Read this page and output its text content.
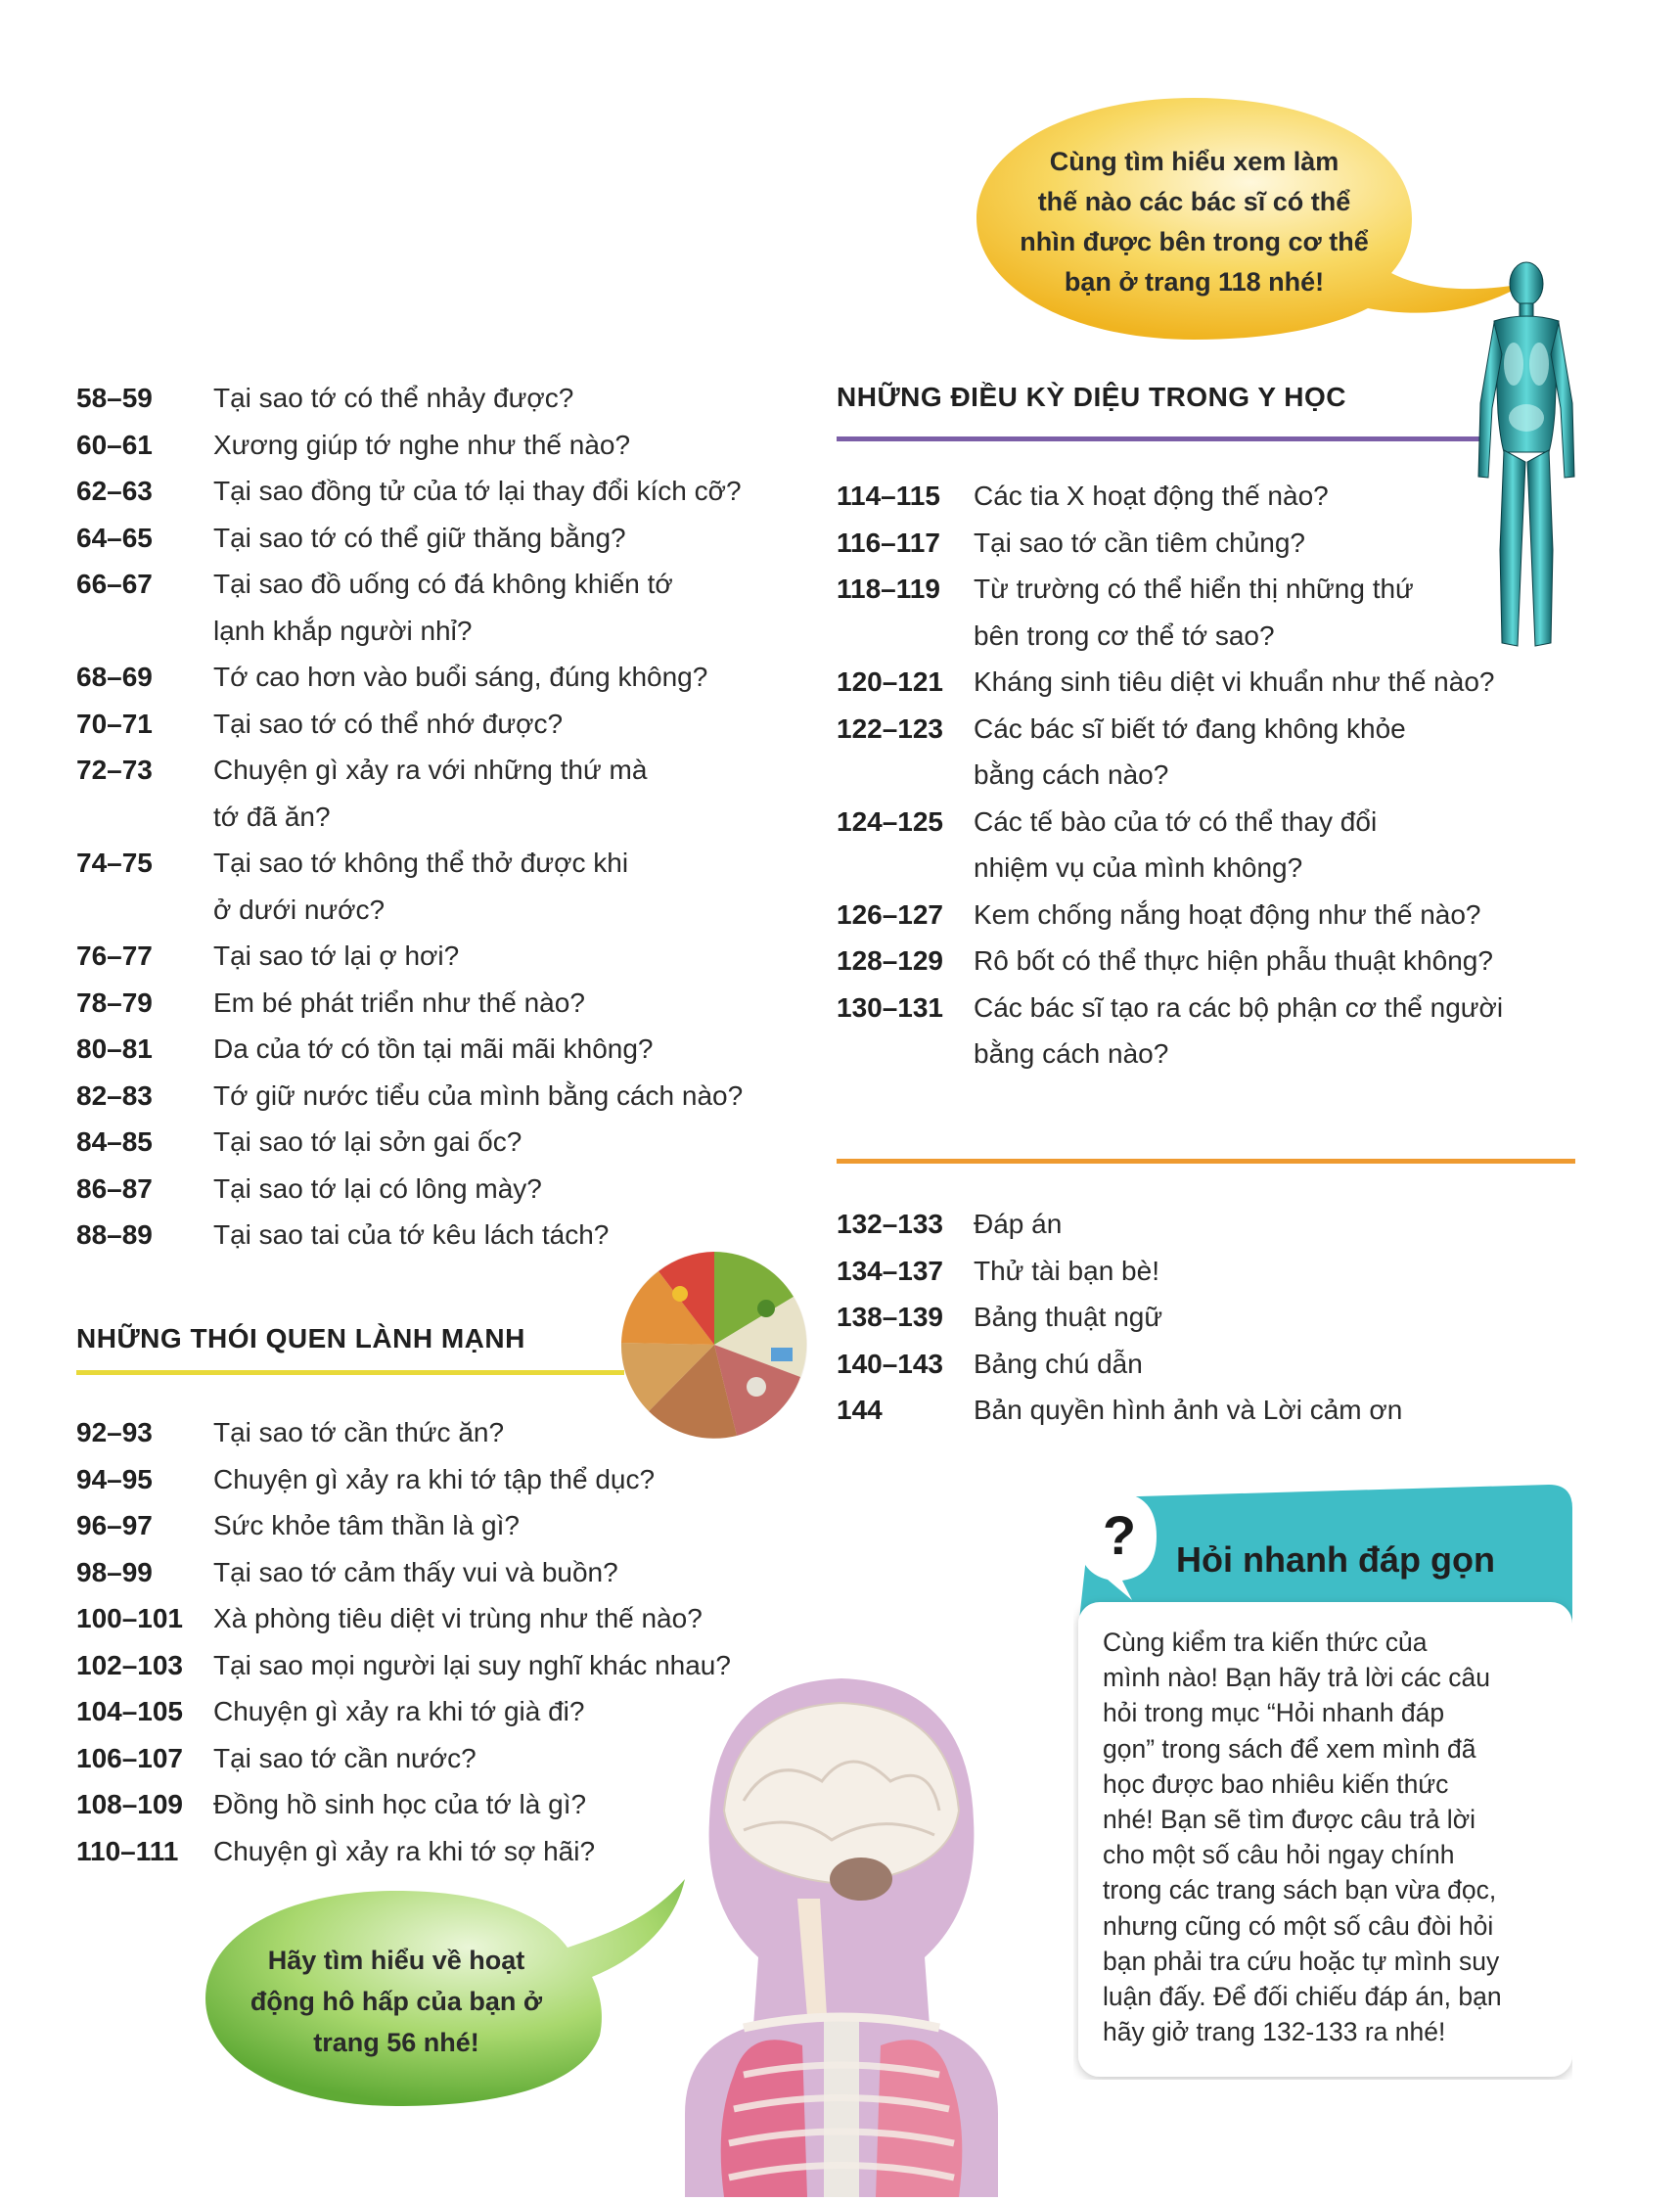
58–59	Tại sao tớ có thể nhảy được?
60–61	Xương giúp tớ nghe như thế nào?
62–63	Tại sao đồng tử của tớ lại thay đổi kích cỡ?
64–65	Tại sao tớ có thể giữ thăng bằng?
66–67	Tại sao đồ uống có đá không khiến tớ
lạnh khắp người nhỉ?
68–69	Tớ cao hơn vào buổi sáng, đúng không?
70–71	Tại sao tớ có thể nhớ được?
72–73	Chuyện gì xảy ra với những thứ mà
tớ đã ăn?
74–75	Tại sao tớ không thể thở được khi
ở dưới nước?
76–77	Tại sao tớ lại ợ hơi?
78–79	Em bé phát triển như thế nào?
80–81	Da của tớ có tồn tại mãi mãi không?
82–83	Tớ giữ nước tiểu của mình bằng cách nào?
84–85	Tại sao tớ lại sởn gai ốc?
86–87	Tại sao tớ lại có lông mày?
88–89	Tại sao tai của tớ kêu lách tách?
NHỮNG THÓI QUEN LÀNH MẠNH
92–93	Tại sao tớ cần thức ăn?
94–95	Chuyện gì xảy ra khi tớ tập thể dục?
96–97	Sức khỏe tâm thần là gì?
98–99	Tại sao tớ cảm thấy vui và buồn?
100–101	Xà phòng tiêu diệt vi trùng như thế nào?
102–103	Tại sao mọi người lại suy nghĩ khác nhau?
104–105	Chuyện gì xảy ra khi tớ già đi?
106–107	Tại sao tớ cần nước?
108–109	Đồng hồ sinh học của tớ là gì?
110–111	Chuyện gì xảy ra khi tớ sợ hãi?
NHỮNG ĐIỀU KỲ DIỆU TRONG Y HỌC
114–115	Các tia X hoạt động thế nào?
116–117	Tại sao tớ cần tiêm chủng?
118–119	Từ trường có thể hiển thị những thứ
bên trong cơ thể tớ sao?
120–121	Kháng sinh tiêu diệt vi khuẩn như thế nào?
122–123	Các bác sĩ biết tớ đang không khỏe
bằng cách nào?
124–125	Các tế bào của tớ có thể thay đổi
nhiệm vụ của mình không?
126–127	Kem chống nắng hoạt động như thế nào?
128–129	Rô bốt có thể thực hiện phẫu thuật không?
130–131	Các bác sĩ tạo ra các bộ phận cơ thể người
bằng cách nào?
132–133	Đáp án
134–137	Thử tài bạn bè!
138–139	Bảng thuật ngữ
140–143	Bảng chú dẫn
144	Bản quyền hình ảnh và Lời cảm ơn
Cùng tìm hiểu xem làm
thế nào các bác sĩ có thể
nhìn được bên trong cơ thể
bạn ở trang 118 nhé!
Hãy tìm hiểu về hoạt
động hô hấp của bạn ở
trang 56 nhé!
? Hỏi nhanh đáp gọn
Cùng kiểm tra kiến thức của
mình nào! Bạn hãy trả lời các câu
hỏi trong mục “Hỏi nhanh đáp
gọn” trong sách để xem mình đã
học được bao nhiêu kiến thức
nhé! Bạn sẽ tìm được câu trả lời
cho một số câu hỏi ngay chính
trong các trang sách bạn vừa đọc,
nhưng cũng có một số câu đòi hỏi
bạn phải tra cứu hoặc tự mình suy
luận đấy. Để đối chiếu đáp án, bạn
hãy giở trang 132-133 ra nhé!
